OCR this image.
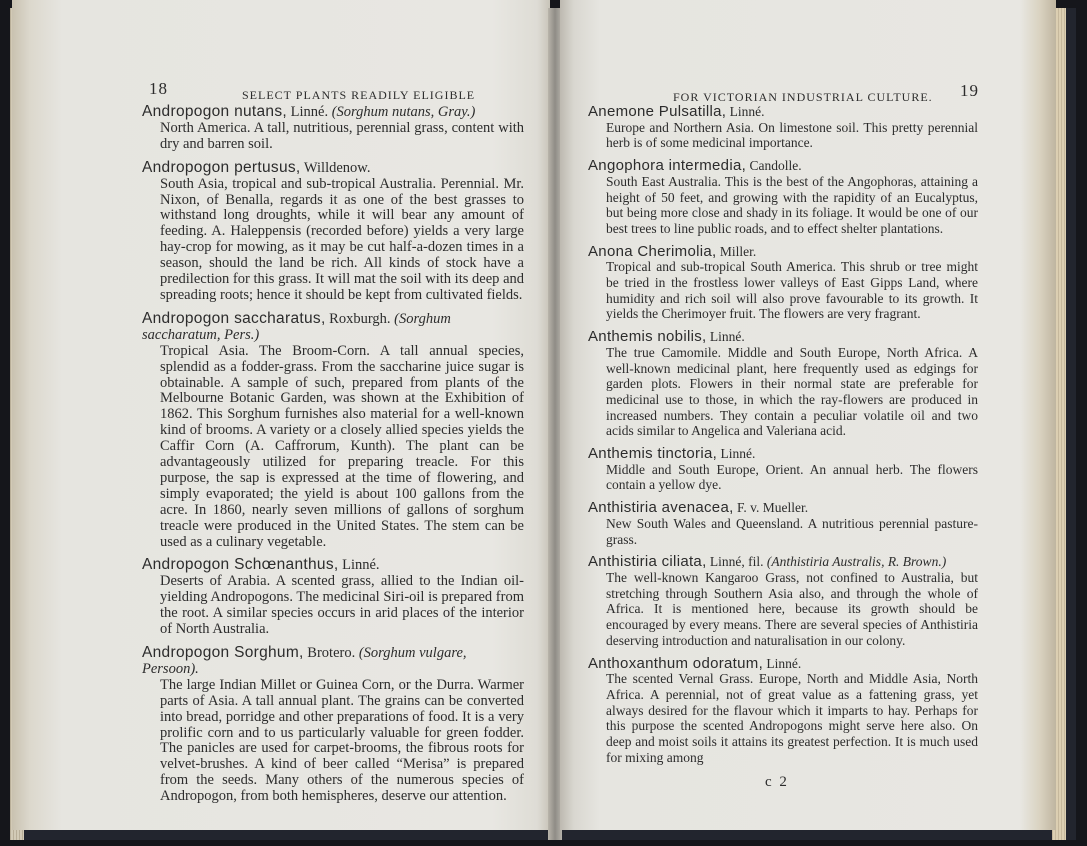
18	SELECT PLANTS READILY ELIGIBLE
Andropogon nutans, Linné. (Sorghum nutans, Gray.)
North America. A tall, nutritious, perennial grass, content with dry and barren soil.
Andropogon pertusus, Willdenow.
South Asia, tropical and sub-tropical Australia. Perennial. Mr. Nixon, of Benalla, regards it as one of the best grasses to withstand long droughts, while it will bear any amount of feeding. A. Haleppensis (recorded before) yields a very large hay-crop for mowing, as it may be cut half-a-dozen times in a season, should the land be rich. All kinds of stock have a predilection for this grass. It will mat the soil with its deep and spreading roots; hence it should be kept from cultivated fields.
Andropogon saccharatus, Roxburgh. (Sorghum saccharatum, Pers.)
Tropical Asia. The Broom-Corn. A tall annual species, splendid as a fodder-grass. From the saccharine juice sugar is obtainable. A sample of such, prepared from plants of the Melbourne Botanic Garden, was shown at the Exhibition of 1862. This Sorghum furnishes also material for a well-known kind of brooms. A variety or a closely allied species yields the Caffir Corn (A. Caffrorum, Kunth). The plant can be advantageously utilized for preparing treacle. For this purpose, the sap is expressed at the time of flowering, and simply evaporated; the yield is about 100 gallons from the acre. In 1860, nearly seven millions of gallons of sorghum treacle were produced in the United States. The stem can be used as a culinary vegetable.
Andropogon Schœnanthus, Linné.
Deserts of Arabia. A scented grass, allied to the Indian oil-yielding Andropogons. The medicinal Siri-oil is prepared from the root. A similar species occurs in arid places of the interior of North Australia.
Andropogon Sorghum, Brotero. (Sorghum vulgare, Persoon).
The large Indian Millet or Guinea Corn, or the Durra. Warmer parts of Asia. A tall annual plant. The grains can be converted into bread, porridge and other preparations of food. It is a very prolific corn and to us particularly valuable for green fodder. The panicles are used for carpet-brooms, the fibrous roots for velvet-brushes. A kind of beer called “Merisa” is prepared from the seeds. Many others of the numerous species of Andropogon, from both hemispheres, deserve our attention.
FOR VICTORIAN INDUSTRIAL CULTURE. 19
Anemone Pulsatilla, Linné.
Europe and Northern Asia. On limestone soil. This pretty perennial herb is of some medicinal importance.
Angophora intermedia, Candolle.
South East Australia. This is the best of the Angophoras, attaining a height of 50 feet, and growing with the rapidity of an Eucalyptus, but being more close and shady in its foliage. It would be one of our best trees to line public roads, and to effect shelter plantations.
Anona Cherimolia, Miller.
Tropical and sub-tropical South America. This shrub or tree might be tried in the frostless lower valleys of East Gipps Land, where humidity and rich soil will also prove favourable to its growth. It yields the Cherimoyer fruit. The flowers are very fragrant.
Anthemis nobilis, Linné.
The true Camomile. Middle and South Europe, North Africa. A well-known medicinal plant, here frequently used as edgings for garden plots. Flowers in their normal state are preferable for medicinal use to those, in which the ray-flowers are produced in increased numbers. They contain a peculiar volatile oil and two acids similar to Angelica and Valeriana acid.
Anthemis tinctoria, Linné.
Middle and South Europe, Orient. An annual herb. The flowers contain a yellow dye.
Anthistiria avenacea, F. v. Mueller.
New South Wales and Queensland. A nutritious perennial pasture-grass.
Anthistiria ciliata, Linné, fil. (Anthistiria Australis, R. Brown.)
The well-known Kangaroo Grass, not confined to Australia, but stretching through Southern Asia also, and through the whole of Africa. It is mentioned here, because its growth should be encouraged by every means. There are several species of Anthistiria deserving introduction and naturalisation in our colony.
Anthoxanthum odoratum, Linné.
The scented Vernal Grass. Europe, North and Middle Asia, North Africa. A perennial, not of great value as a fattening grass, yet always desired for the flavour which it imparts to hay. Perhaps for this purpose the scented Andropogons might serve here also. On deep and moist soils it attains its greatest perfection. It is much used for mixing among
c 2
